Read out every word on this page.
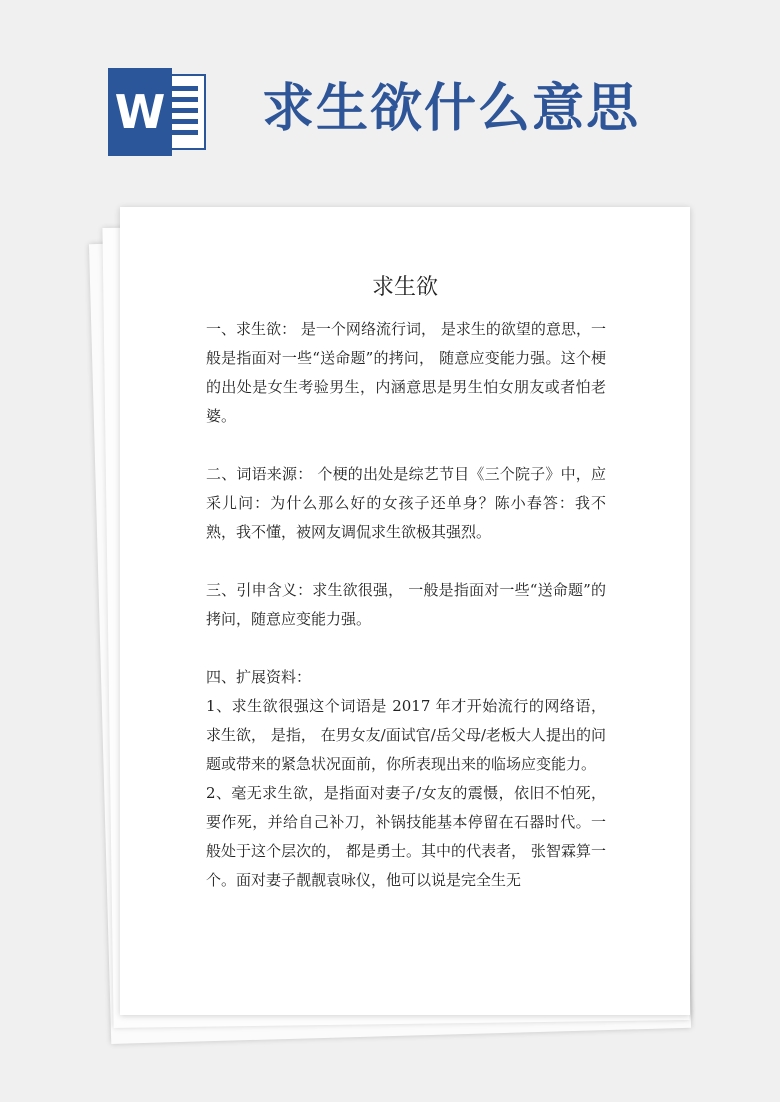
W 求生欲什么意思
求生欲

一、求生欲： 是一个网络流行词， 是求生的欲望的意思，一般是指面对一些“送命题”的拷问， 随意应变能力强。这个梗的出处是女生考验男生，内涵意思是男生怕女朋友或者怕老婆。

二、词语来源： 个梗的出处是综艺节目《三个院子》中，应采儿问：为什么那么好的女孩子还单身？陈小春答：我不熟，我不懂，被网友调侃求生欲极其强烈。

三、引申含义：求生欲很强， 一般是指面对一些“送命题”的拷问，随意应变能力强。

四、扩展资料：

1、求生欲很强这个词语是 2017 年才开始流行的网络语，求生欲， 是指， 在男女友/面试官/岳父母/老板大人提出的问题或带来的紧急状况面前，你所表现出来的临场应变能力。

2、毫无求生欲，是指面对妻子/女友的震慑，依旧不怕死，要作死，并给自己补刀，补锅技能基本停留在石器时代。一般处于这个层次的， 都是勇士。其中的代表者， 张智霖算一个。面对妻子靓靓袁咏仪，他可以说是完全生无
